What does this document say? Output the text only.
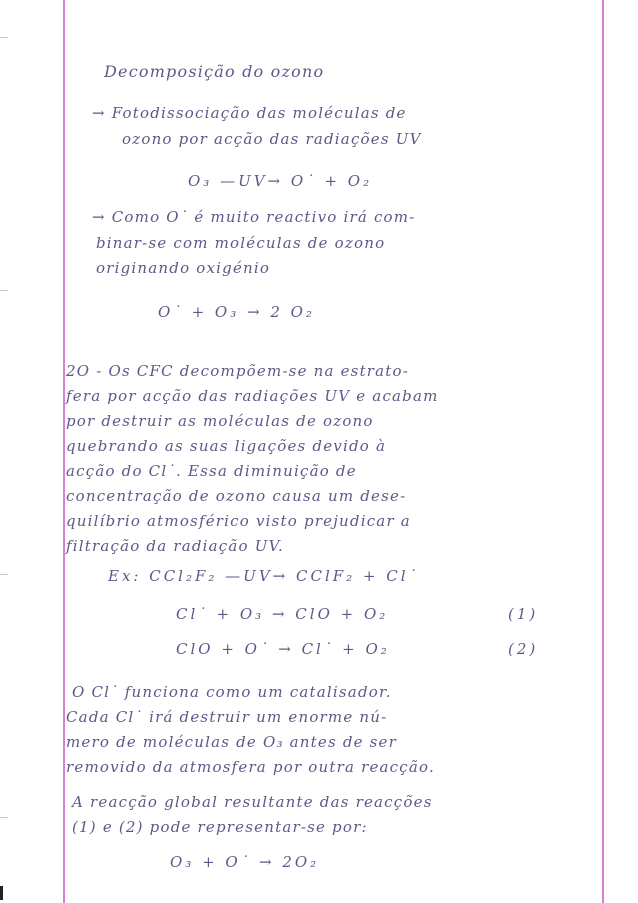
Decomposição do ozono
→ Fotodissociação das moléculas de
ozono por acção das radiações UV
O₃ —UV→ O˙ + O₂
→ Como O˙ é muito reactivo irá com-
binar-se com moléculas de ozono
originando oxigénio
O˙ + O₃ → 2 O₂
2O - Os CFC decompõem-se na estrato-
fera por acção das radiações UV e acabam
por destruir as moléculas de ozono
quebrando as suas ligações devido à
acção do Cl˙. Essa diminuição de
concentração de ozono causa um dese-
quilíbrio atmosférico visto prejudicar a
filtração da radiação UV.
Ex: CCl₂F₂ —UV→ CClF₂ + Cl˙
Cl˙ + O₃ → ClO + O₂	(1)
ClO + O˙ → Cl˙ + O₂	(2)
O Cl˙ funciona como um catalisador.
Cada Cl˙ irá destruir um enorme nú-
mero de moléculas de O₃ antes de ser
removido da atmosfera por outra reacção.
A reacção global resultante das reacções
(1) e (2) pode representar-se por:
O₃ + O˙ → 2O₂
